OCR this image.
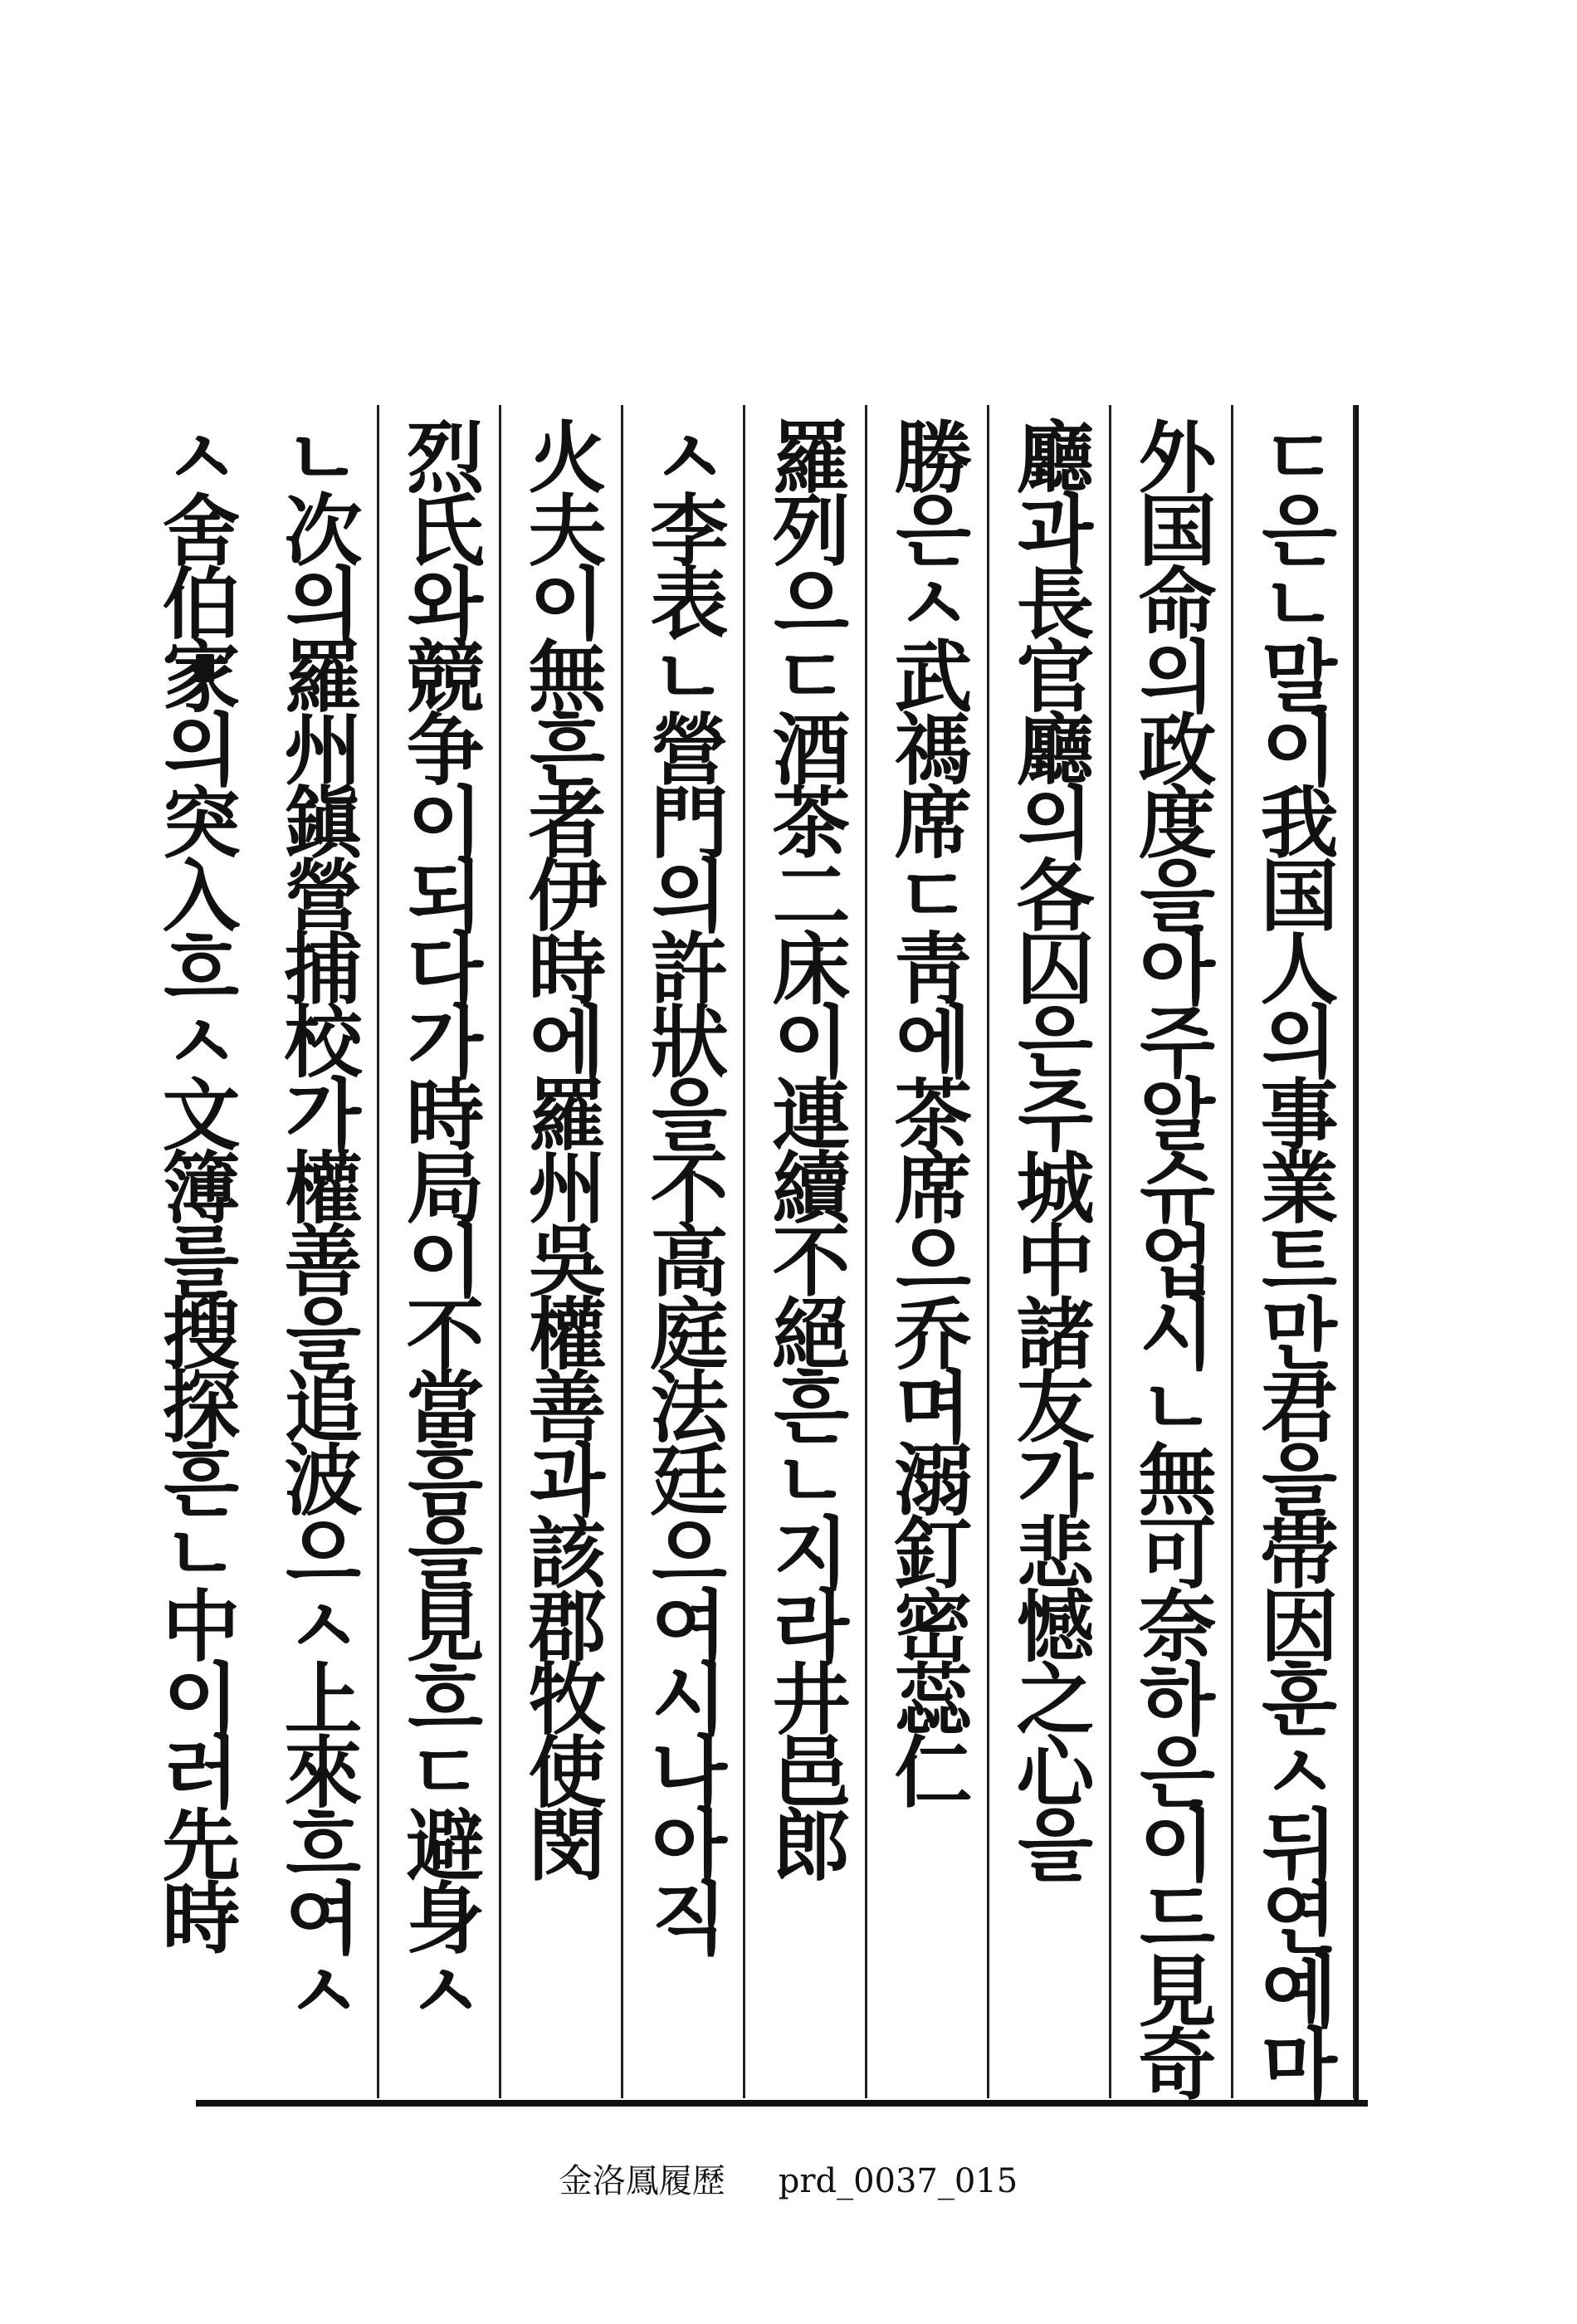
ㄷ은ㄴ말이我国人의事業트만君을帯因훈ㅅ뒤연예마
外国命의政度을아주알슈업시ㄴ無可奈하은이드見奇
廳과長官廳의各囚은주城中諸友가悲憾之心을
勝은ㅅ武禡席ㄷ靑에茶席으乔며溺釘密蕊仁
羅列으ㄷ酒茶二床이連續不絕흔ㄴ지라井邑郎
ㅅ李表ㄴ營門의許狀을不高庭法廷으여시나아직
火夫이無흔者伊時에羅州吳權善과該郡牧使閔
烈氏와競争이되다가時局이不當흠을見흐ㄷ避身ㅅ
ㄴ次의羅州鎭營捕校가權善을追波으ㅅ上來흐여ㅅ
ㅅ舍伯家의突入흐ㅅ文簿를搜探흔ㄴ中이러先時
金洛鳳履歷 prd_0037_015
